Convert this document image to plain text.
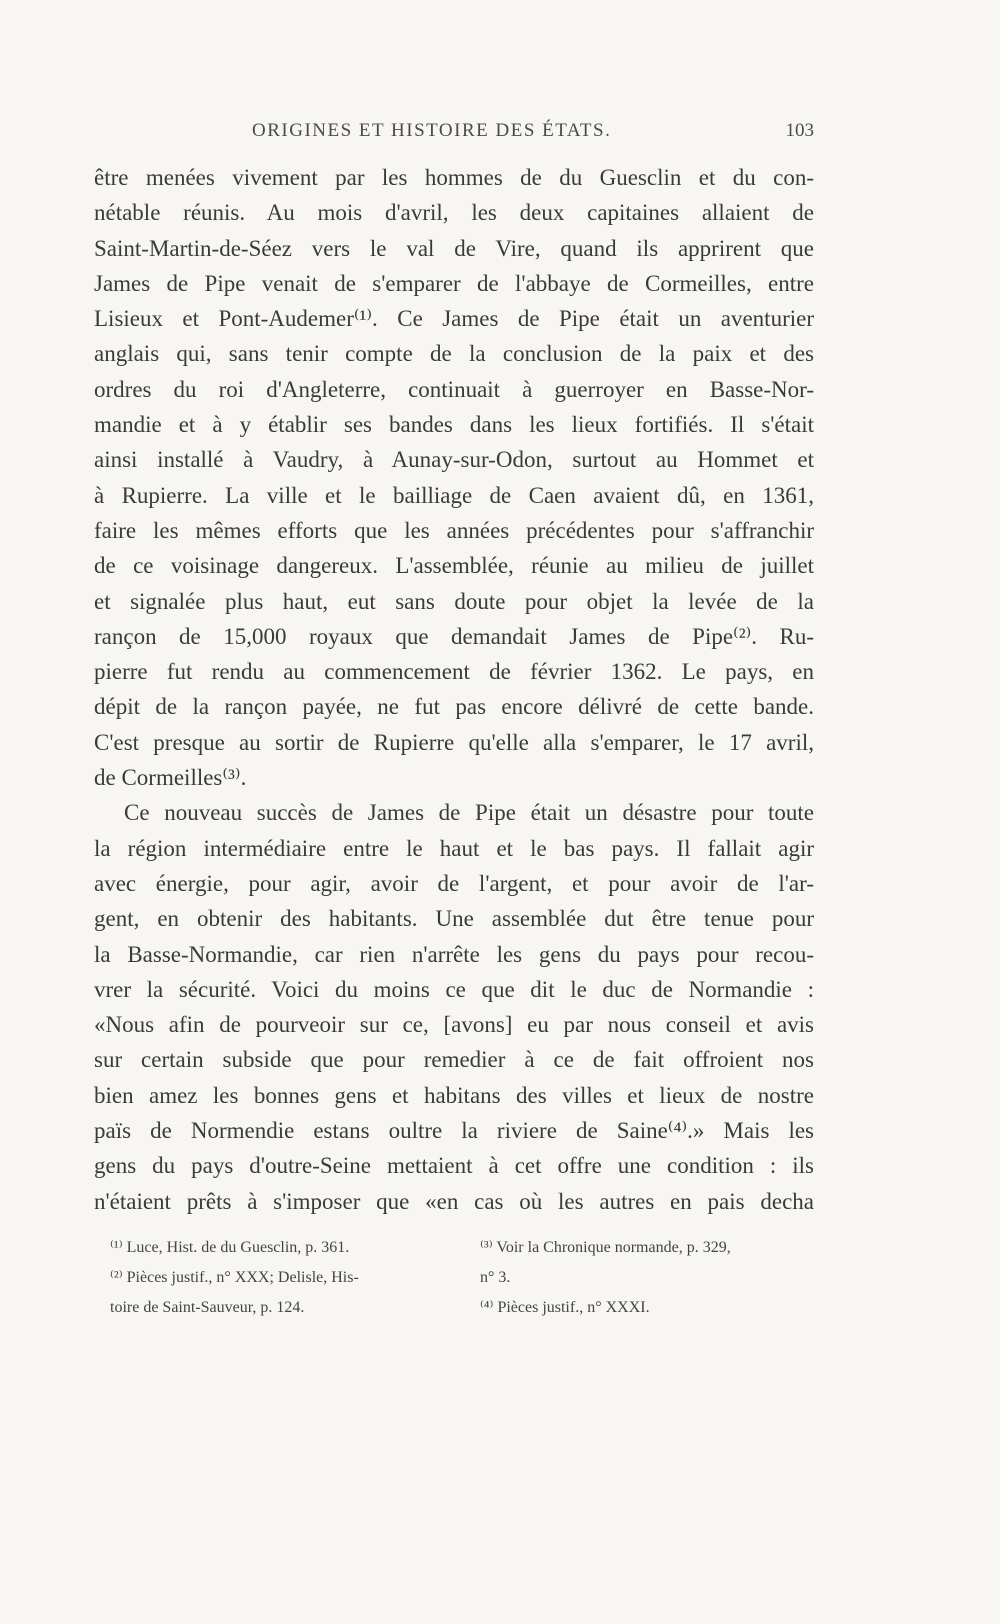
ORIGINES ET HISTOIRE DES ÉTATS.	103
être menées vivement par les hommes de du Guesclin et du con-
nétable réunis. Au mois d'avril, les deux capitaines allaient de
Saint-Martin-de-Séez vers le val de Vire, quand ils apprirent que
James de Pipe venait de s'emparer de l'abbaye de Cormeilles, entre
Lisieux et Pont-Audemer⁽¹⁾. Ce James de Pipe était un aventurier
anglais qui, sans tenir compte de la conclusion de la paix et des
ordres du roi d'Angleterre, continuait à guerroyer en Basse-Nor-
mandie et à y établir ses bandes dans les lieux fortifiés. Il s'était
ainsi installé à Vaudry, à Aunay-sur-Odon, surtout au Hommet et
à Rupierre. La ville et le bailliage de Caen avaient dû, en 1361,
faire les mêmes efforts que les années précédentes pour s'affranchir
de ce voisinage dangereux. L'assemblée, réunie au milieu de juillet
et signalée plus haut, eut sans doute pour objet la levée de la
rançon de 15,000 royaux que demandait James de Pipe⁽²⁾. Ru-
pierre fut rendu au commencement de février 1362. Le pays, en
dépit de la rançon payée, ne fut pas encore délivré de cette bande.
C'est presque au sortir de Rupierre qu'elle alla s'emparer, le 17 avril,
de Cormeilles⁽³⁾.
Ce nouveau succès de James de Pipe était un désastre pour toute
la région intermédiaire entre le haut et le bas pays. Il fallait agir
avec énergie, pour agir, avoir de l'argent, et pour avoir de l'ar-
gent, en obtenir des habitants. Une assemblée dut être tenue pour
la Basse-Normandie, car rien n'arrête les gens du pays pour recou-
vrer la sécurité. Voici du moins ce que dit le duc de Normandie :
«Nous afin de pourveoir sur ce, [avons] eu par nous conseil et avis
sur certain subside que pour remedier à ce de fait offroient nos
bien amez les bonnes gens et habitans des villes et lieux de nostre
païs de Normendie estans oultre la riviere de Saine⁽⁴⁾.» Mais les
gens du pays d'outre-Seine mettaient à cet offre une condition : ils
n'étaient prêts à s'imposer que «en cas où les autres en pais decha
⁽¹⁾ Luce, Hist. de du Guesclin, p. 361.
⁽²⁾ Pièces justif., n° XXX; Delisle, His-
toire de Saint-Sauveur, p. 124.
⁽³⁾ Voir la Chronique normande, p. 329,
n° 3.
⁽⁴⁾ Pièces justif., n° XXXI.
